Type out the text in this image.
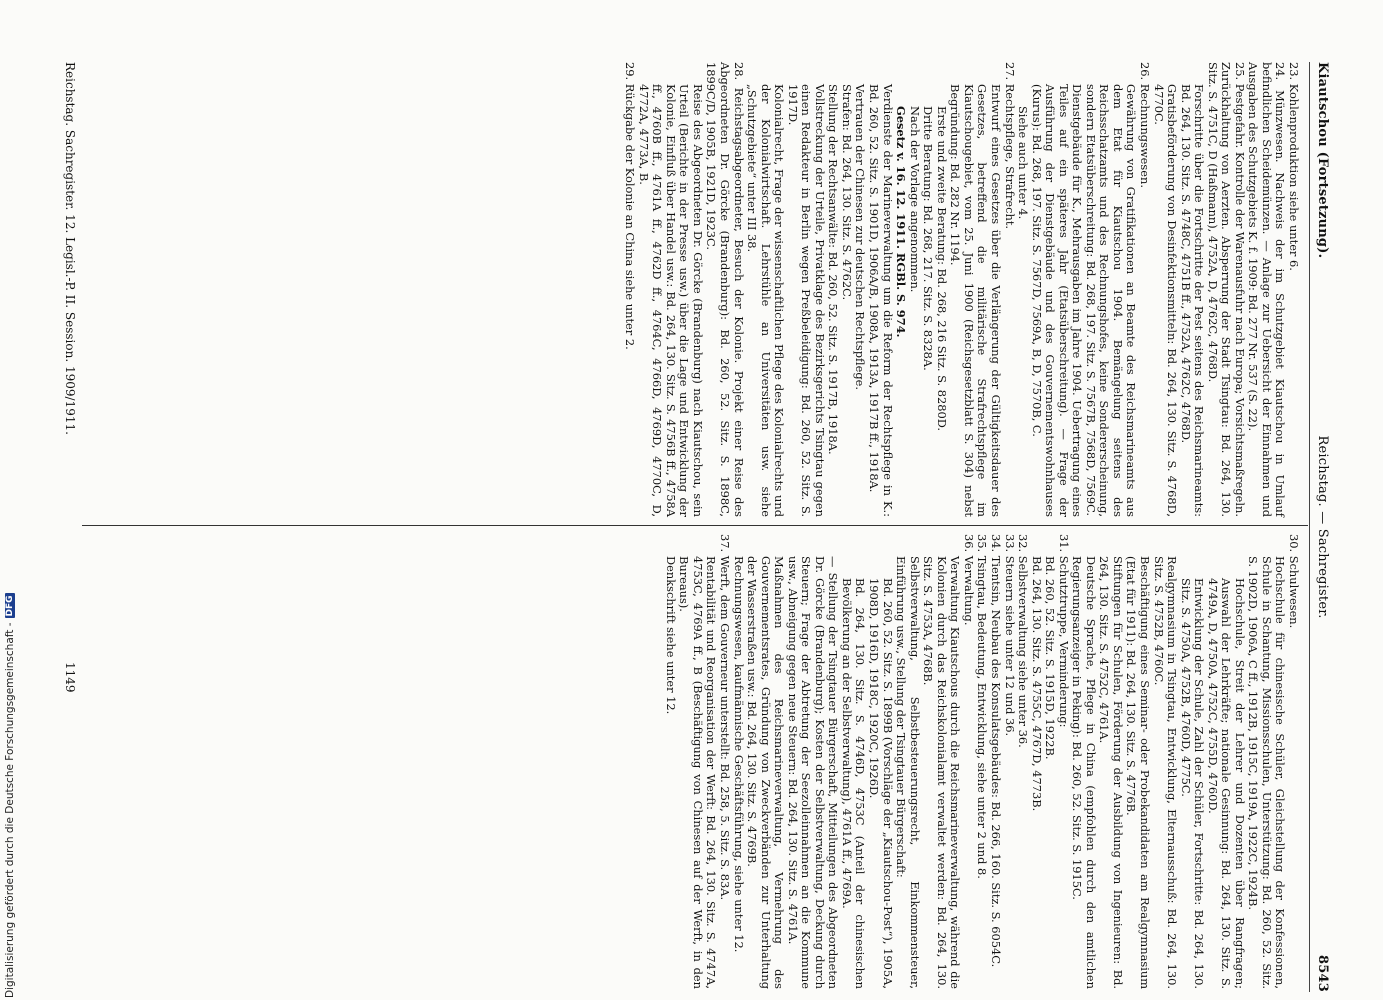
Kiautschou (Fortsetzung).
Reichstag. — Sachregister.
8543

23. Kohlenproduktion siehe unter 6.

24. Münzwesen. Nachweis der im Schutzgebiet Kiautschou in Umlauf befindlichen Scheidemünzen. — Anlage zur Uebersicht der Einnahmen und Ausgaben des Schutzgebiets K. f. 1909: Bd. 277 Nr. 537 (S. 22).

25. Pestgefahr. Kontrolle der Warenausfuhr nach Europa; Vorsichtsmaßregeln. Zurückhaltung von Aerzten. Absperrung der Stadt Tsingtau: Bd. 264, 130. Sitz. S. 4751C, D (Haßmann), 4752A, D, 4762C, 4768D.

Forschritte über die Fortschritte der Pest seitens des Reichsmarineamts: Bd. 264, 130. Sitz. S. 4748C, 4751B ff., 4752A, 4762C, 4768D.

Gratisbeförderung von Desinfektionsmitteln: Bd. 264, 130. Sitz. S. 4768D, 4770C.

26. Rechnungswesen.

Gewährung von Gratifikationen an Beamte des Reichsmarineamts aus dem Etat für Kiautschou 1904. Bemängelung seitens des Reichsschatzamts und des Rechnungshofes, keine Sondererscheinung, sondern Etatsüberschreitung: Bd. 268, 197. Sitz. S. 7567B, 7568D, 7569C.

Dienstgebäude für K., Mehrausgaben im Jahre 1904. Uebertragung eines Teiles auf ein späteres Jahr (Etatsüberschreitung). — Frage der Ausführung der Dienstgebäude und des Gouvernementswohnhauses (Kurus): Bd. 268, 197. Sitz. S. 7567D, 7569A, B, D, 7570B, C.

Siehe auch unter 4.

27. Rechtspflege, Strafrecht.

Entwurf eines Gesetzes über die Verlängerung der Gültigkeitsdauer des Gesetzes, betreffend die militärische Strafrechtspflege im Kiautschougebiet, vom 25. Juni 1900 (Reichsgesetzblatt S. 304) nebst Begründung: Bd. 282 Nr. 1194.

Erste und zweite Beratung: Bd. 268, 216 Sitz. S. 8280D.

Dritte Beratung: Bd. 268, 217. Sitz. S. 8328A.

Nach der Vorlage angenommen.

Gesetz v. 16. 12. 1911. RGBl. S. 974.

Verdienste der Marineverwaltung um die Reform der Rechtspflege in K.: Bd. 260, 52. Sitz. S. 1901D, 1906A/B, 1908A, 1913A, 1917B ff., 1918A.

Vertrauen der Chinesen zur deutschen Rechtspflege.

Strafen: Bd. 264, 130. Sitz. S. 4762C.

Stellung der Rechtsanwälte: Bd. 260, 52. Sitz. S. 1917B, 1918A.

Vollstreckung der Urteile, Privatklage des Bezirksgerichts Tsingtau gegen einen Redakteur in Berlin wegen Preßbeleidigung: Bd. 260, 52. Sitz. S. 1917D.

Kolonialrecht, Frage der wissenschaftlichen Pflege des Kolonialrechts und der Kolonialwirtschaft. Lehrstühle an Universitäten usw. siehe „Schutzgebiete“ unter III 38.

28. Reichstagsabgeordneter, Besuch der Kolonie. Projekt einer Reise des Abgeordneten Dr. Görcke (Brandenburg): Bd. 260, 52. Sitz. S. 1898C, 1899C/D, 1905B, 1921D, 1923C.

Reise des Abgeordneten Dr. Görcke (Brandenburg) nach Kiautschou, sein Urteil (Berichte in der Presse usw.) über die Lage und Entwicklung der Kolonie, Einfluß über Handel usw.: Bd. 264, 130. Sitz. S. 4756B ff., 4758A ff., 4760B ff., 4761A ff., 4762D ff., 4764C, 4766D, 4769D, 4770C, D, 4772A, 4773A, B.

29. Rückgabe der Kolonie an China siehe unter 2.

30. Schulwesen.

Hochschule für chinesische Schüler, Gleichstellung der Konfessionen, Schule in Schantung, Missionsschulen, Unterstützung: Bd. 260, 52. Sitz. S. 1902D, 1906A, C ff., 1912B, 1915C, 1919A, 1922C, 1924B.

Hochschule, Streit der Lehrer und Dozenten über Rangfragen; Auswahl der Lehrkräfte; nationale Gesinnung: Bd. 264, 130. Sitz. S. 4749A, D, 4750A, 4752C, 4755D, 4760D.

Entwicklung der Schule, Zahl der Schüler, Fortschritte: Bd. 264, 130. Sitz. S. 4750A, 4752B, 4760D, 4775C.

Realgymnasium in Tsingtau, Entwicklung, Elternausschuß: Bd. 264, 130. Sitz. S. 4752B, 4760C.

Beschäftigung eines Seminar- oder Probekandidaten am Realgymnasium (Etat für 1911): Bd. 264, 130. Sitz. S. 4776B.

Stiftungen für Schulen, Förderung der Ausbildung von Ingenieuren: Bd. 264, 130. Sitz. S. 4752C, 4761A.

Deutsche Sprache, Pflege in China (empfohlen durch den amtlichen Regierungsanzeiger in Peking): Bd. 260, 52. Sitz. S. 1915C.

31. Schutztruppe, Verminderung:

Bd. 260, 52. Sitz. S. 1915D, 1922B.

Bd. 264, 130. Sitz. S. 4755C, 4767D, 4773B.

32. Selbstverwaltung siehe unter 36.

33. Steuern siehe unter 12 und 36.

34. Tientsin, Neubau des Konsulatsgebäudes: Bd. 266, 160. Sitz. S. 6054C.

35. Tsingtau, Bedeutung, Entwicklung, siehe unter 2 und 8.

36. Verwaltung.

Verwaltung Kiautschous durch die Reichsmarineverwaltung, während die Kolonien durch das Reichskolonialamt verwaltet werden: Bd. 264, 130. Sitz. S. 4753A, 4768B.

Selbstverwaltung, Selbstbesteuerungsrecht, Einkommensteuer, Einführung usw., Stellung der Tsingtauer Bürgerschaft:

Bd. 260, 52. Sitz. S. 1899B (Vorschläge der „Kiautschou-Post“), 1905A, 1908D, 1916D, 1918C, 1920C, 1926D.

Bd. 264, 130. Sitz. S. 4746D, 4753C (Anteil der chinesischen Bevölkerung an der Selbstverwaltung), 4761A ff., 4769A.

— Stellung der Tsingtauer Bürgerschaft, Mitteilungen des Abgeordneten Dr. Görcke (Brandenburg); Kosten der Selbstverwaltung, Deckung durch Steuern; Frage der Abtretung der Seezolleinnahmen an die Kommune usw., Abneigung gegen neue Steuern: Bd. 264, 130. Sitz. S. 4761A.

Maßnahmen des Reichsmarineverwaltung, Vermehrung des Gouvernementsrates, Gründung von Zweckverbänden zur Unterhaltung der Wasserstraßen usw.: Bd. 264, 130. Sitz. S. 4769B.

Rechnungswesen, kaufmännische Geschäftsführung, siehe unter 12.

37. Werft, dem Gouverneur unterstellt: Bd. 258, 5. Sitz. S. 83A.

Rentabilität und Reorganisation der Werft: Bd. 264, 130. Sitz. S. 4747A, 4753C, 4769A ff., B (Beschäftigung von Chinesen auf der Werft, in den Bureaus).

Denkschrift siehe unter 12.

Reichstag. Sachregister. 12. Legisl.-P. II. Session. 1909/1911.
1149
Digitalisierung gefördert durch die Deutsche Forschungsgemeinschaft -
DFG
